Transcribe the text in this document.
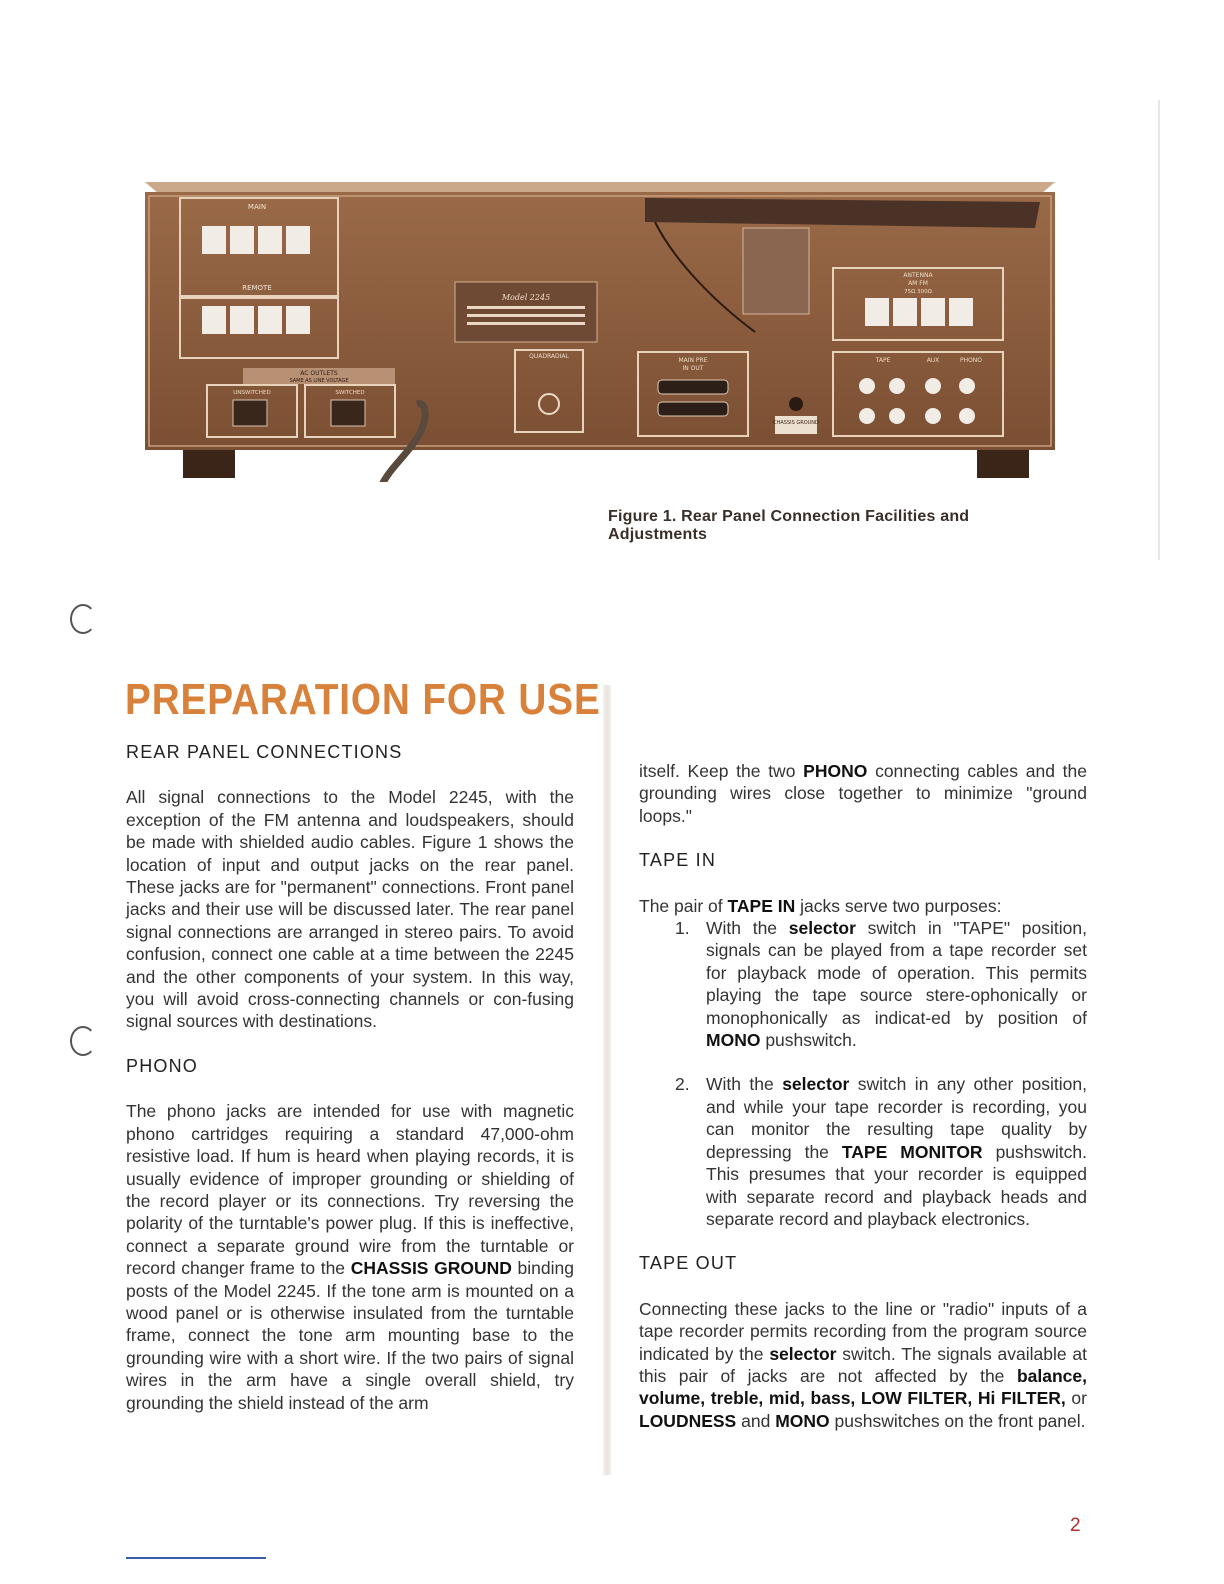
MAIN
REMOTE
AC OUTLETS
SAME AS LINE VOLTAGE
UNSWITCHED	SWITCHED
Model 2245
QUADRADIAL
MAIN PRE
IN OUT
CHASSIS GROUND
ANTENNA
AM FM
75Ω 300Ω
TAPE	AUX	PHONO
Figure 1. Rear Panel Connection Facilities and Adjustments
PREPARATION FOR USE
REAR PANEL CONNECTIONS

All signal connections to the Model 2245, with the exception of the FM antenna and loudspeakers, should be made with shielded audio cables. Figure 1 shows the location of input and output jacks on the rear panel. These jacks are for "permanent" connections. Front panel jacks and their use will be discussed later. The rear panel signal connections are arranged in stereo pairs. To avoid confusion, connect one cable at a time between the 2245 and the other components of your system. In this way, you will avoid cross-connecting channels or con-fusing signal sources with destinations.

PHONO

The phono jacks are intended for use with magnetic phono cartridges requiring a standard 47,000-ohm resistive load. If hum is heard when playing records, it is usually evidence of improper grounding or shielding of the record player or its connections. Try reversing the polarity of the turntable's power plug. If this is ineffective, connect a separate ground wire from the turntable or record changer frame to the CHASSIS GROUND binding posts of the Model 2245. If the tone arm is mounted on a wood panel or is otherwise insulated from the turntable frame, connect the tone arm mounting base to the grounding wire with a short wire. If the two pairs of signal wires in the arm have a single overall shield, try grounding the shield instead of the arm

itself. Keep the two PHONO connecting cables and the grounding wires close together to minimize "ground loops."

TAPE IN

The pair of TAPE IN jacks serve two purposes:

1. With the selector switch in "TAPE" position, signals can be played from a tape recorder set for playback mode of operation. This permits playing the tape source stere-ophonically or monophonically as indicat-ed by position of MONO pushswitch.
2. With the selector switch in any other position, and while your tape recorder is recording, you can monitor the resulting tape quality by depressing the TAPE MONITOR pushswitch. This presumes that your recorder is equipped with separate record and playback heads and separate record and playback electronics.
TAPE OUT

Connecting these jacks to the line or "radio" inputs of a tape recorder permits recording from the program source indicated by the selector switch. The signals available at this pair of jacks are not affected by the balance, volume, treble, mid, bass, LOW FILTER, Hi FILTER, or LOUDNESS and MONO pushswitches on the front panel.

2
